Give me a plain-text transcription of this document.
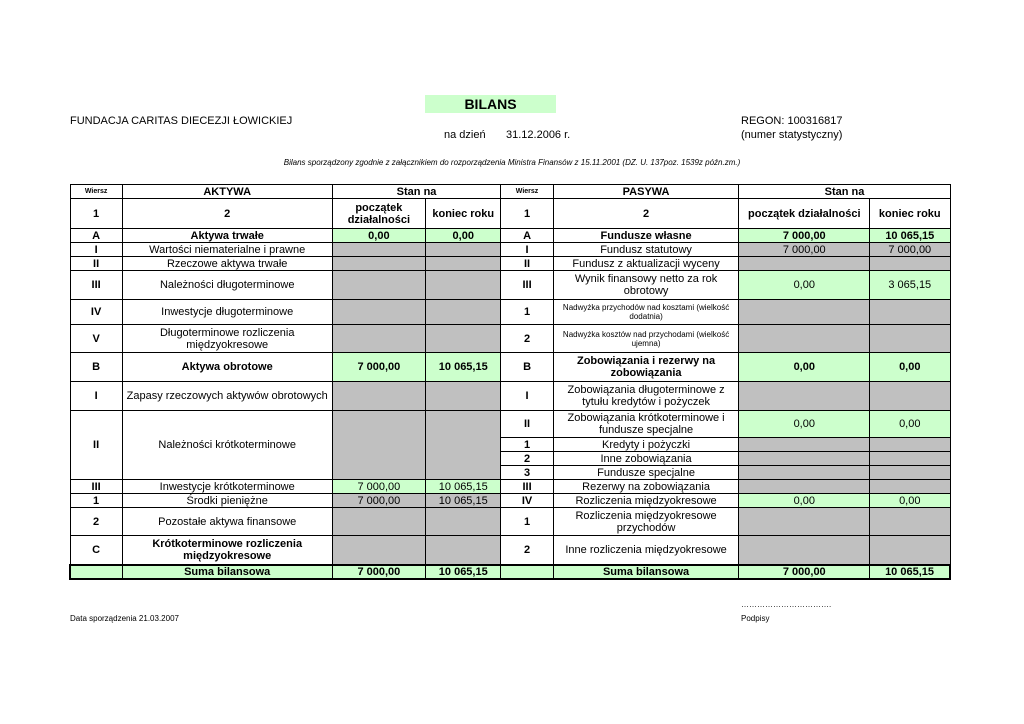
BILANS
FUNDACJA CARITAS DIECEZJI ŁOWICKIEJ	REGON: 100316817
na dzień 31.12.2006 r.	(numer statystyczny)
Bilans sporządzony zgodnie z załącznikiem do rozporządzenia Ministra Finansów z 15.11.2001 (DZ. U. 137poz. 1539z późn.zm.)
Wiersz	AKTYWA	Stan na		Wiersz	PASYWA	Stan na	
1	2	początek działalności	koniec roku	1	2	początek działalności	koniec roku
A	Aktywa trwałe	0,00	0,00	A	Fundusze własne	7 000,00	10 065,15
I	Wartości niematerialne i prawne			I	Fundusz statutowy	7 000,00	7 000,00
II	Rzeczowe aktywa trwałe			II	Fundusz z aktualizacji wyceny		
III	Należności długoterminowe			III	Wynik finansowy netto za rok obrotowy	0,00	3 065,15
IV	Inwestycje długoterminowe			1	Nadwyżka przychodów nad kosztami (wielkość dodatnia)		
V	Długoterminowe rozliczenia międzyokresowe			2	Nadwyżka kosztów nad przychodami (wielkość ujemna)		
B	Aktywa obrotowe	7 000,00	10 065,15	B	Zobowiązania i rezerwy na zobowiązania	0,00	0,00
I	Zapasy rzeczowych aktywów obrotowych			I	Zobowiązania długoterminowe z tytułu kredytów i pożyczek		
II	Należności krótkoterminowe			II	Zobowiązania krótkoterminowe i fundusze specjalne	0,00	0,00
				1	Kredyty i pożyczki		
				2	Inne zobowiązania		
				3	Fundusze specjalne		
III	Inwestycje krótkoterminowe	7 000,00	10 065,15	III	Rezerwy na zobowiązania		
1	Środki pieniężne	7 000,00	10 065,15	IV	Rozliczenia międzyokresowe	0,00	0,00
2	Pozostałe aktywa finansowe			1	Rozliczenia międzyokresowe przychodów		
C	Krótkoterminowe rozliczenia międzyokresowe			2	Inne rozliczenia międzyokresowe		
	Suma bilansowa	7 000,00	10 065,15		Suma bilansowa	7 000,00	10 065,15
…………………………….
Data sporządzenia 21.03.2007	Podpisy
